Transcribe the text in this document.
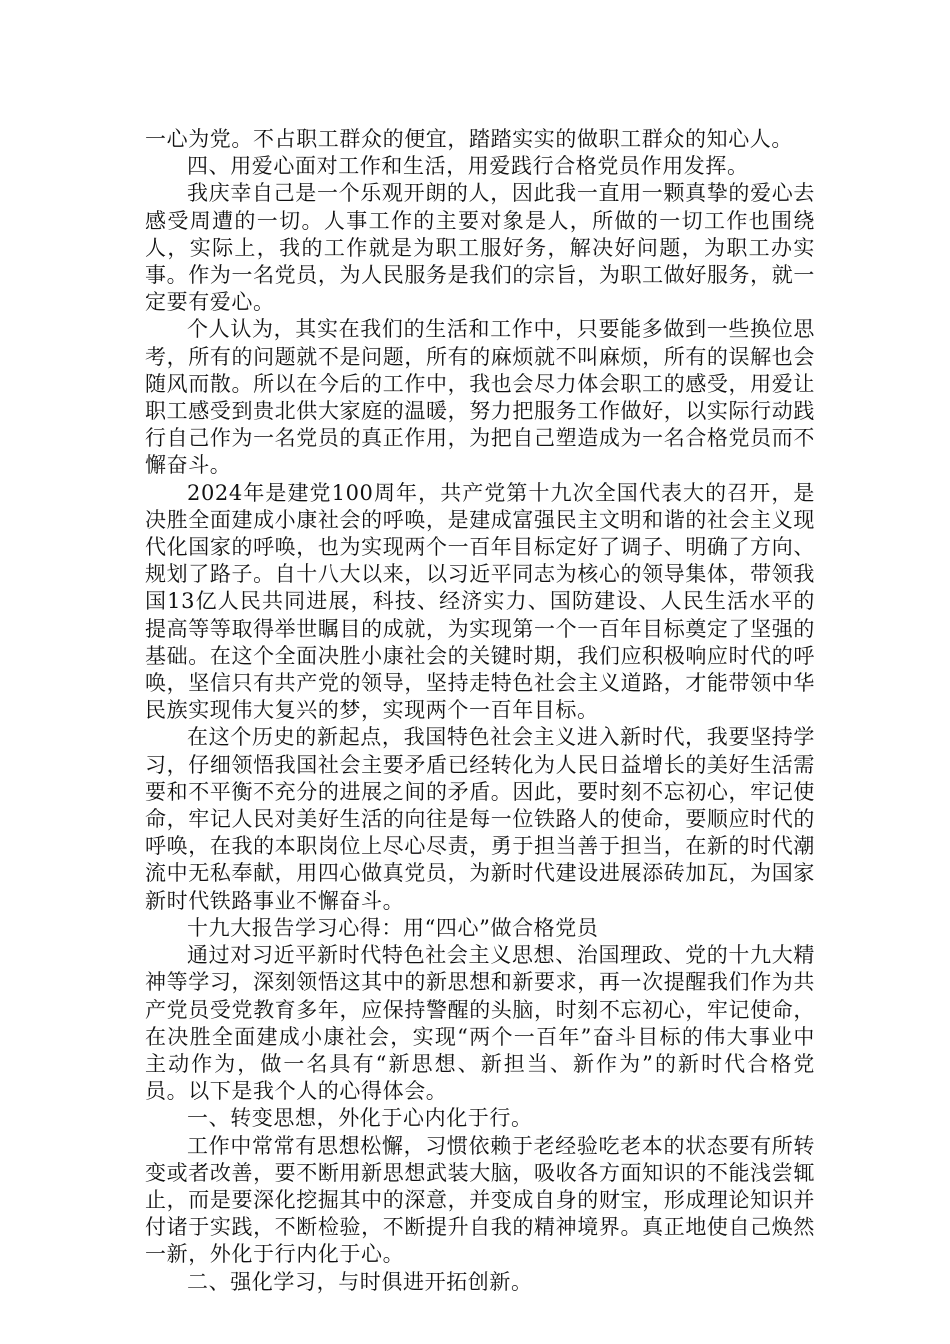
一心为党。不占职工群众的便宜，踏踏实实的做职工群众的知心人。

四、用爱心面对工作和生活，用爱践行合格党员作用发挥。

我庆幸自己是一个乐观开朗的人，因此我一直用一颗真挚的爱心去感受周遭的一切。人事工作的主要对象是人，所做的一切工作也围绕人，实际上，我的工作就是为职工服好务，解决好问题，为职工办实事。作为一名党员，为人民服务是我们的宗旨，为职工做好服务，就一定要有爱心。

个人认为，其实在我们的生活和工作中，只要能多做到一些换位思考，所有的问题就不是问题，所有的麻烦就不叫麻烦，所有的误解也会随风而散。所以在今后的工作中，我也会尽力体会职工的感受，用爱让职工感受到贵北供大家庭的温暖，努力把服务工作做好，以实际行动践行自己作为一名党员的真正作用，为把自己塑造成为一名合格党员而不懈奋斗。

2024年是建党100周年，共产党第十九次全国代表大的召开，是决胜全面建成小康社会的呼唤，是建成富强民主文明和谐的社会主义现代化国家的呼唤，也为实现两个一百年目标定好了调子、明确了方向、规划了路子。自十八大以来，以习近平同志为核心的领导集体，带领我国13亿人民共同进展，科技、经济实力、国防建设、人民生活水平的提高等等取得举世瞩目的成就，为实现第一个一百年目标奠定了坚强的基础。在这个全面决胜小康社会的关键时期，我们应积极响应时代的呼唤，坚信只有共产党的领导，坚持走特色社会主义道路，才能带领中华民族实现伟大复兴的梦，实现两个一百年目标。

在这个历史的新起点，我国特色社会主义进入新时代，我要坚持学习，仔细领悟我国社会主要矛盾已经转化为人民日益增长的美好生活需要和不平衡不充分的进展之间的矛盾。因此，要时刻不忘初心，牢记使命，牢记人民对美好生活的向往是每一位铁路人的使命，要顺应时代的呼唤，在我的本职岗位上尽心尽责，勇于担当善于担当，在新的时代潮流中无私奉献，用四心做真党员，为新时代建设进展添砖加瓦，为国家新时代铁路事业不懈奋斗。

十九大报告学习心得：用“四心”做合格党员

通过对习近平新时代特色社会主义思想、治国理政、党的十九大精神等学习，深刻领悟这其中的新思想和新要求，再一次提醒我们作为共产党员受党教育多年，应保持警醒的头脑，时刻不忘初心，牢记使命，在决胜全面建成小康社会，实现“两个一百年”奋斗目标的伟大事业中主动作为，做一名具有“新思想、新担当、新作为”的新时代合格党员。以下是我个人的心得体会。

一、转变思想，外化于心内化于行。

工作中常常有思想松懈，习惯依赖于老经验吃老本的状态要有所转变或者改善，要不断用新思想武装大脑，吸收各方面知识的不能浅尝辄止，而是要深化挖掘其中的深意，并变成自身的财宝，形成理论知识并付诸于实践，不断检验，不断提升自我的精神境界。真正地使自己焕然一新，外化于行内化于心。

二、强化学习，与时俱进开拓创新。
